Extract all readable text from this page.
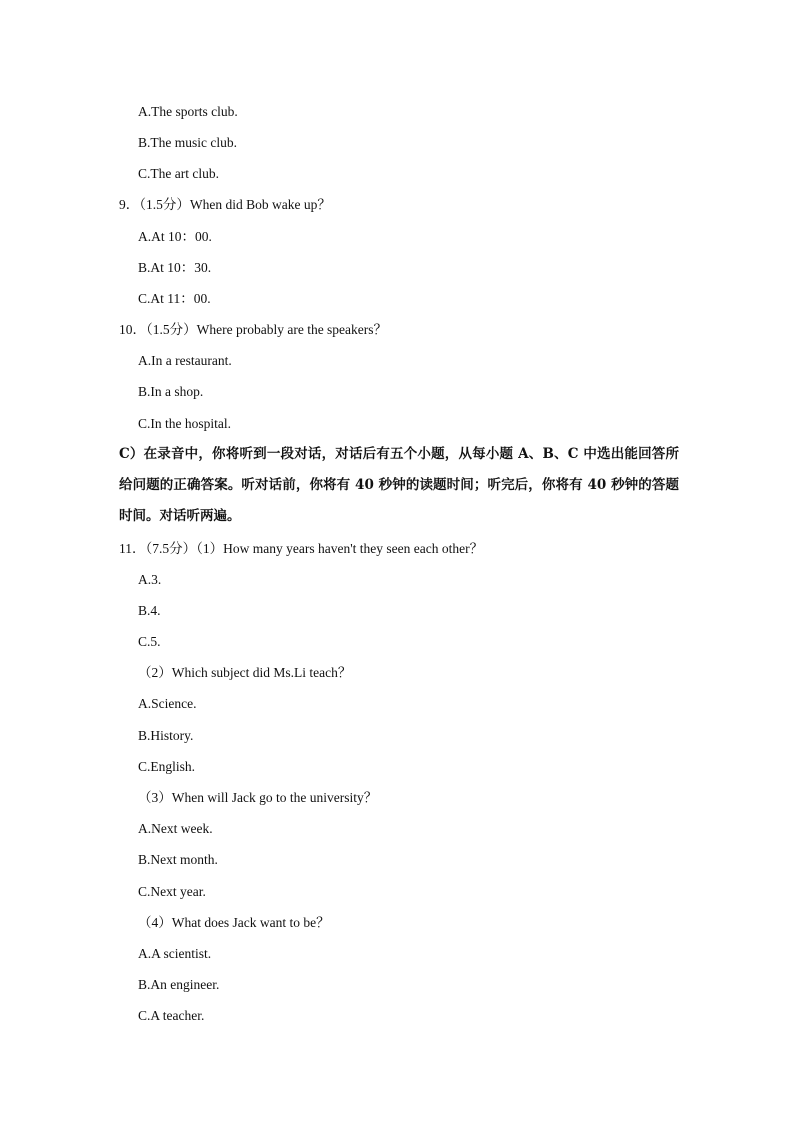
A.The sports club.
B.The music club.
C.The art club.
9．（1.5分）When did Bob wake up？
A.At 10：00.
B.At 10：30.
C.At 11：00.
10．（1.5分）Where probably are the speakers？
A.In a restaurant.
B.In a shop.
C.In the hospital.
C）在录音中，你将听到一段对话，对话后有五个小题，从每小题 A、B、C 中选出能回答所给问题的正确答案。听对话前，你将有 40 秒钟的读题时间；听完后，你将有 40 秒钟的答题时间。对话听两遍。
11．（7.5分）（1）How many years haven't they seen each other？
A.3.
B.4.
C.5.
（2）Which subject did Ms.Li teach？
A.Science.
B.History.
C.English.
（3）When will Jack go to the university？
A.Next week.
B.Next month.
C.Next year.
（4）What does Jack want to be？
A.A scientist.
B.An engineer.
C.A teacher.
